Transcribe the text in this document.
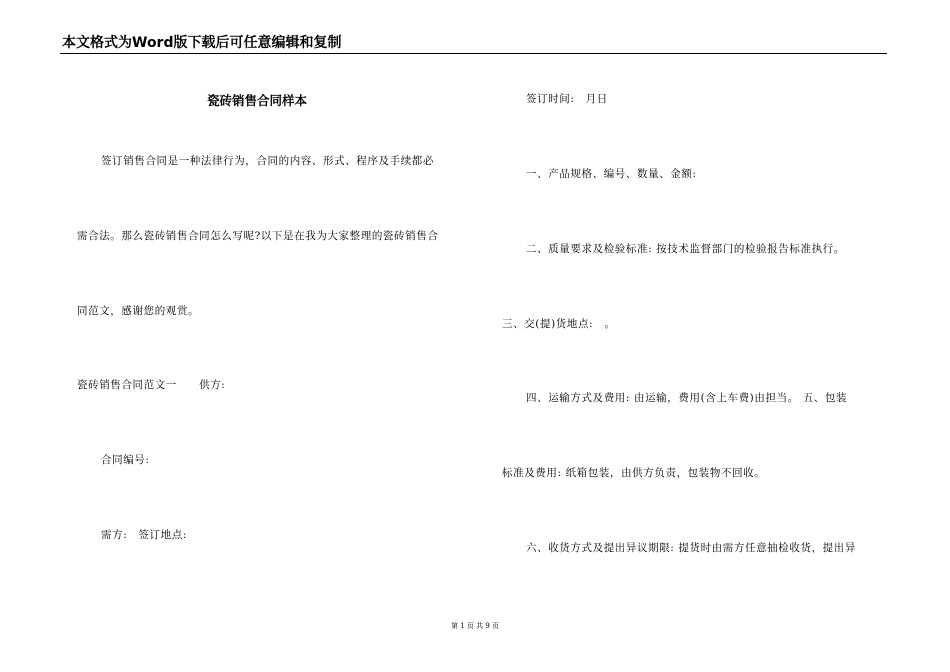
本文格式为Word版下载后可任意编辑和复制
瓷砖销售合同样本
签订销售合同是一种法律行为，合同的内容、形式、程序及手续都必
需合法。那么瓷砖销售合同怎么写呢?以下是在我为大家整理的瓷砖销售合
同范文，感谢您的观赏。
瓷砖销售合同范文一　　供方:
合同编号:
需方:　签订地点:
签订时间:　月日
一、产品规格、编号、数量、金额:
二、质量要求及检验标准: 按技术监督部门的检验报告标准执行。
三、交(提)货地点:　。
四、运输方式及费用: 由运输，费用(含上车费)由担当。 五、包装
标准及费用: 纸箱包装，由供方负责，包装物不回收。
六、收货方式及提出异议期限: 提货时由需方任意抽检收货，提出异
第 1 页 共 9 页
